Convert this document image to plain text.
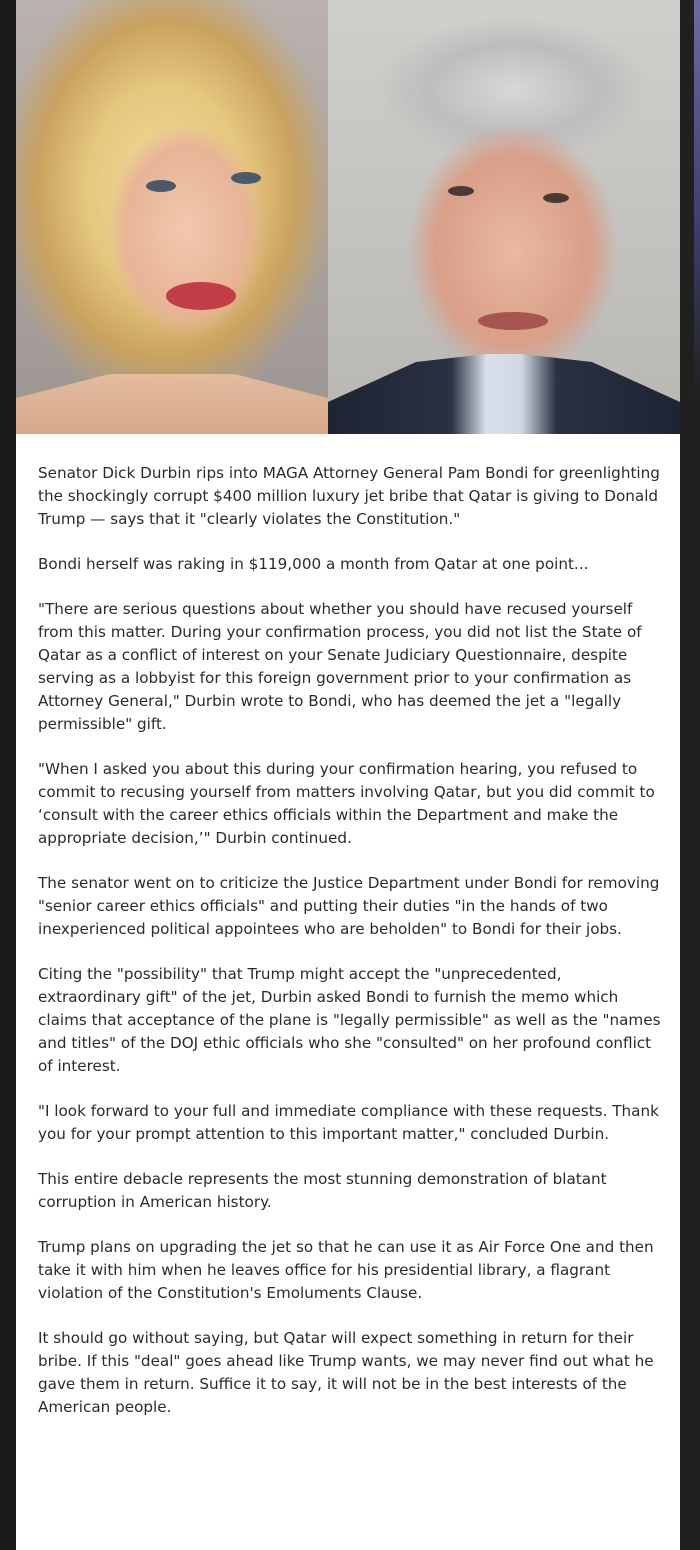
Senator Dick Durbin rips into MAGA Attorney General Pam Bondi for greenlighting the shockingly corrupt $400 million luxury jet bribe that Qatar is giving to Donald Trump — says that it "clearly violates the Constitution."

Bondi herself was raking in $119,000 a month from Qatar at one point...

"There are serious questions about whether you should have recused yourself from this matter. During your confirmation process, you did not list the State of Qatar as a conflict of interest on your Senate Judiciary Questionnaire, despite serving as a lobbyist for this foreign government prior to your confirmation as Attorney General," Durbin wrote to Bondi, who has deemed the jet a "legally permissible" gift.

"When I asked you about this during your confirmation hearing, you refused to commit to recusing yourself from matters involving Qatar, but you did commit to ‘consult with the career ethics officials within the Department and make the appropriate decision,’" Durbin continued.

The senator went on to criticize the Justice Department under Bondi for removing "senior career ethics officials" and putting their duties "in the hands of two inexperienced political appointees who are beholden" to Bondi for their jobs.

Citing the "possibility" that Trump might accept the "unprecedented, extraordinary gift" of the jet, Durbin asked Bondi to furnish the memo which claims that acceptance of the plane is "legally permissible" as well as the "names and titles" of the DOJ ethic officials who she "consulted" on her profound conflict of interest.

"I look forward to your full and immediate compliance with these requests. Thank you for your prompt attention to this important matter," concluded Durbin.

This entire debacle represents the most stunning demonstration of blatant corruption in American history.

Trump plans on upgrading the jet so that he can use it as Air Force One and then take it with him when he leaves office for his presidential library, a flagrant violation of the Constitution's Emoluments Clause.

It should go without saying, but Qatar will expect something in return for their bribe. If this "deal" goes ahead like Trump wants, we may never find out what he gave them in return. Suffice it to say, it will not be in the best interests of the American people.
